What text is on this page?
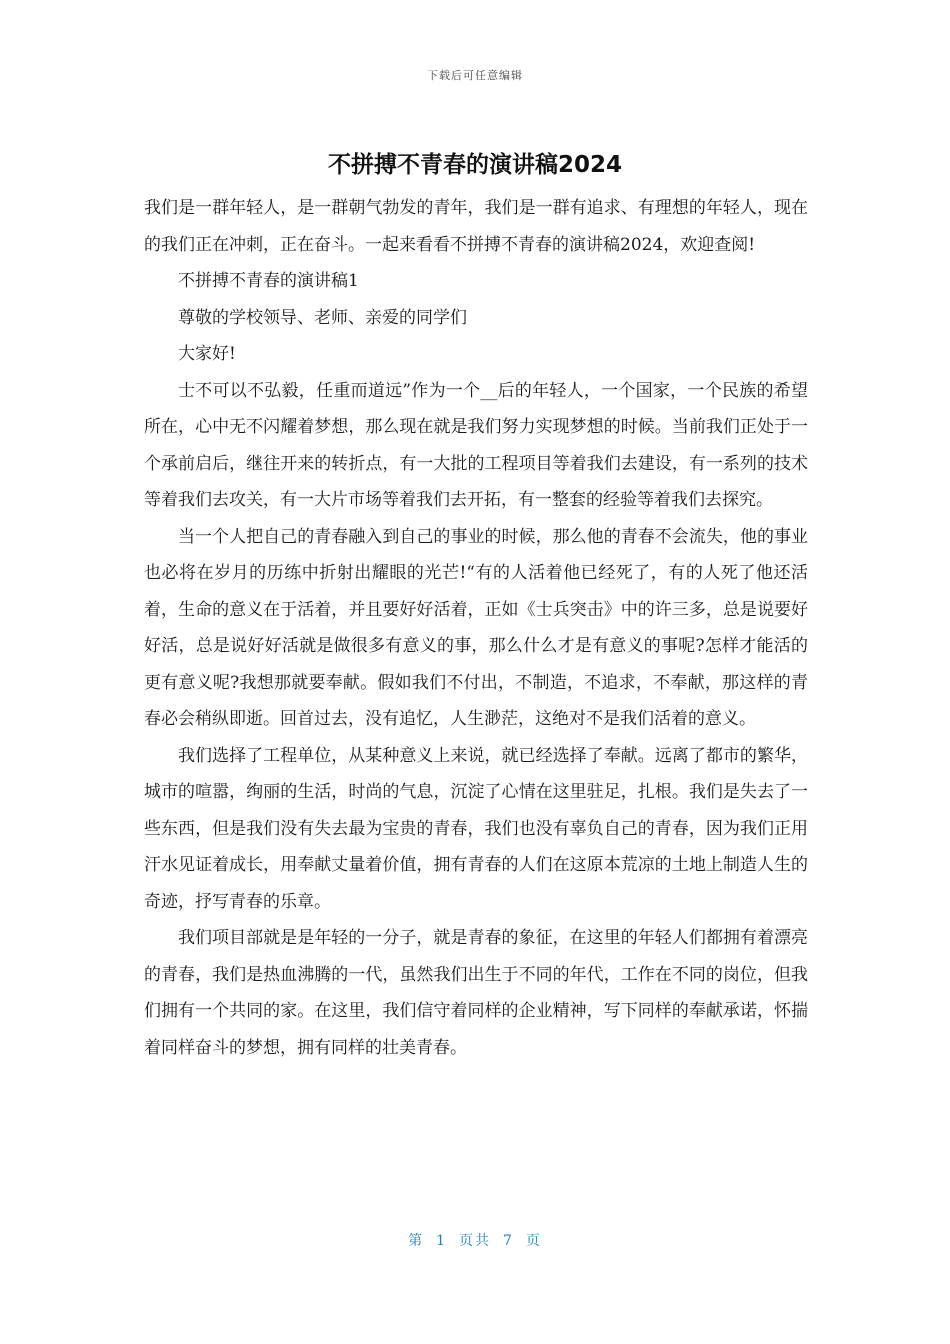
下载后可任意编辑
不拼搏不青春的演讲稿2024

我们是一群年轻人，是一群朝气勃发的青年，我们是一群有追求、有理想的年轻人，现在的我们正在冲刺，正在奋斗。一起来看看不拼搏不青春的演讲稿2024，欢迎查阅!

不拼搏不青春的演讲稿1

尊敬的学校领导、老师、亲爱的同学们

大家好!

士不可以不弘毅，任重而道远”作为一个__后的年轻人，一个国家，一个民族的希望所在，心中无不闪耀着梦想，那么现在就是我们努力实现梦想的时候。当前我们正处于一个承前启后，继往开来的转折点，有一大批的工程项目等着我们去建设，有一系列的技术等着我们去攻关，有一大片市场等着我们去开拓，有一整套的经验等着我们去探究。

当一个人把自己的青春融入到自己的事业的时候，那么他的青春不会流失，他的事业也必将在岁月的历练中折射出耀眼的光芒!“有的人活着他已经死了，有的人死了他还活着，生命的意义在于活着，并且要好好活着，正如《士兵突击》中的许三多，总是说要好好活，总是说好好活就是做很多有意义的事，那么什么才是有意义的事呢?怎样才能活的更有意义呢?我想那就要奉献。假如我们不付出，不制造，不追求，不奉献，那这样的青春必会稍纵即逝。回首过去，没有追忆，人生渺茫，这绝对不是我们活着的意义。

我们选择了工程单位，从某种意义上来说，就已经选择了奉献。远离了都市的繁华，城市的喧嚣，绚丽的生活，时尚的气息，沉淀了心情在这里驻足，扎根。我们是失去了一些东西，但是我们没有失去最为宝贵的青春，我们也没有辜负自己的青春，因为我们正用汗水见证着成长，用奉献丈量着价值，拥有青春的人们在这原本荒凉的土地上制造人生的奇迹，抒写青春的乐章。

我们项目部就是是年轻的一分子，就是青春的象征，在这里的年轻人们都拥有着漂亮的青春，我们是热血沸腾的一代，虽然我们出生于不同的年代，工作在不同的岗位，但我们拥有一个共同的家。在这里，我们信守着同样的企业精神，写下同样的奉献承诺，怀揣着同样奋斗的梦想，拥有同样的壮美青春。

第 1 页共 7 页
